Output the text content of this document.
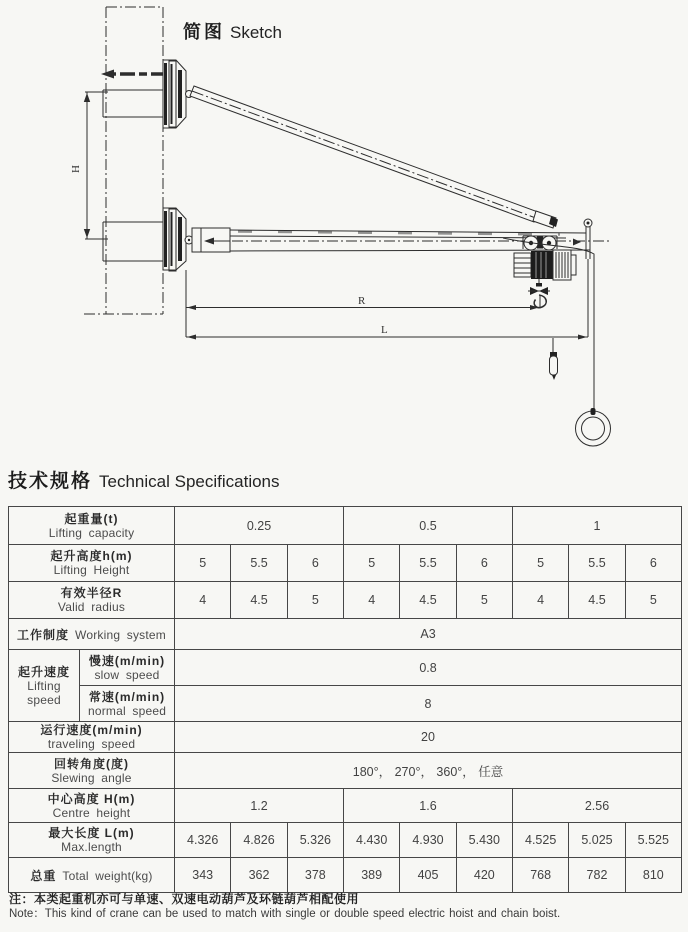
H
R
L
简图 Sketch
技术规格 Technical Specifications
起重量(t)
Lifting capacity		0.25			0.5			1		

起升高度h(m)
Lifting Height		5	5.5	6	5	5.5	6	5	5.5	6

有效半径R
Valid radius		4	4.5	5	4	4.5	5	4	4.5	5
工作制度 Working system		A3								

起升速度
Lifting speed

慢速(m/min)
slow speed	0.8

	常速(m/min)
normal speed	8								

运行速度(m/min)
traveling speed		20								

回转角度(度)
Slewing angle		180°， 270°， 360°， 任意								

中心高度 H(m)
Centre height		1.2			1.6			2.56		

最大长度 L(m)
Max.length		4.326	4.826	5.326	4.430	4.930	5.430	4.525	5.025	5.525
总重 Total weight(kg)		343	362	378	389	405	420	768	782	810
注：本类起重机亦可与单速、双速电动葫芦及环链葫芦相配使用
Note：This kind of crane can be used to match with single or double speed electric hoist and chain boist.
